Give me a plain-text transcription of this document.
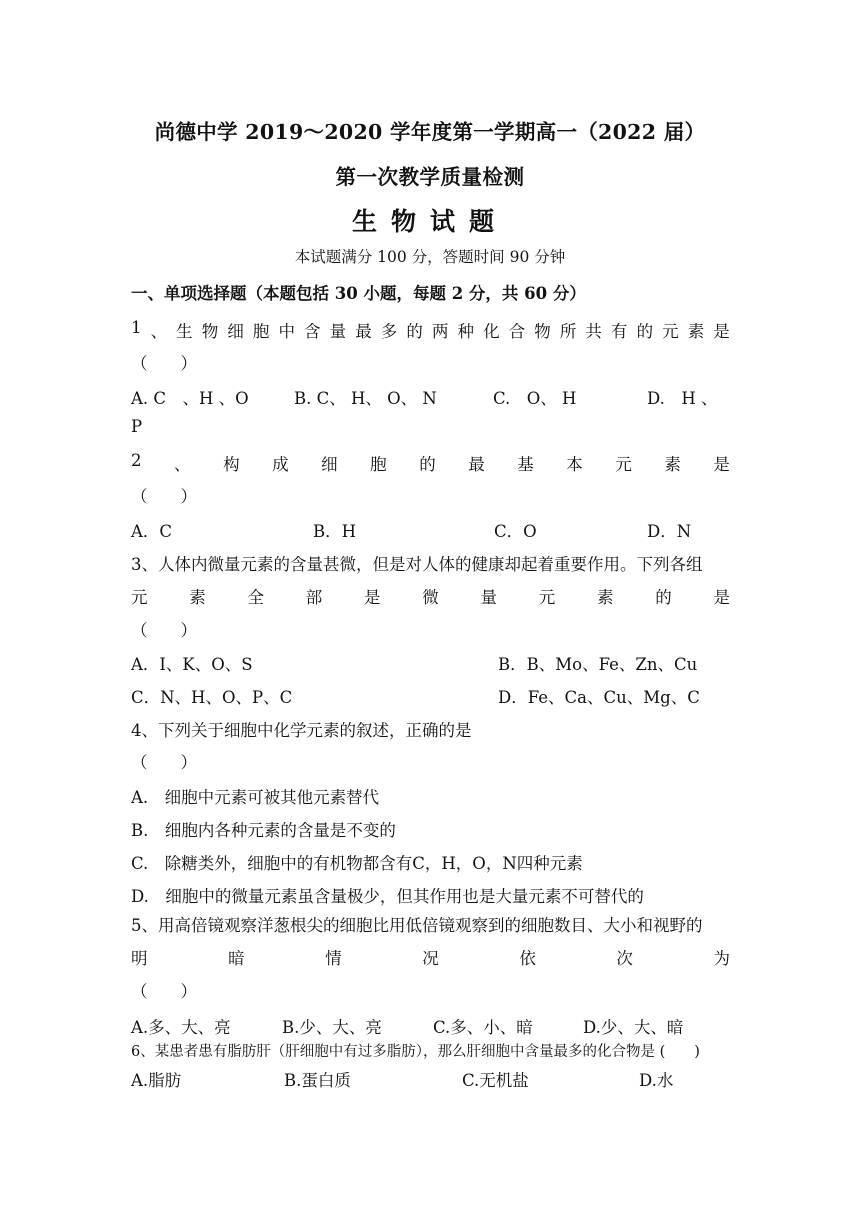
尚德中学 2019～2020 学年度第一学期高一（2022 届）
第一次教学质量检测
生物试题
本试题满分 100 分，答题时间 90 分钟
一、单项选择题（本题包括 30 小题，每题 2 分，共 60 分）
1 、 生 物 细 胞 中 含 量 最 多 的 两 种 化 合 物 所 共 有 的 元 素 是
（　　）
A. C　、H 、O	B. C、 H、 O、 N	C.　O、 H	D.　H 、
P
2 、 构 成 细 胞 的 最 基 本 元 素 是
（　　）
A．C	B．H	C．O	D．N
3、人体内微量元素的含量甚微，但是对人体的健康却起着重要作用。下列各组
元	素	全	部	是	微	量	元	素	的	是
（　　）
A．I、K、O、S	B．B、Mo、Fe、Zn、Cu
C．N、H、O、P、C	D．Fe、Ca、Cu、Mg、C
4、下列关于细胞中化学元素的叙述，正确的是
（　　）
A.　细胞中元素可被其他元素替代
B.　细胞内各种元素的含量是不变的
C.　除糖类外，细胞中的有机物都含有C，H，O，N四种元素
D.　细胞中的微量元素虽含量极少，但其作用也是大量元素不可替代的
5、用高倍镜观察洋葱根尖的细胞比用低倍镜观察到的细胞数目、大小和视野的
明	暗	情	况	依	次	为
（　　）
A.多、大、亮	B.少、大、亮	C.多、小、暗	D.少、大、暗
6、某患者患有脂肪肝（肝细胞中有过多脂肪），那么肝细胞中含量最多的化合物是 (　　)
A.脂肪	B.蛋白质	C.无机盐	D.水
